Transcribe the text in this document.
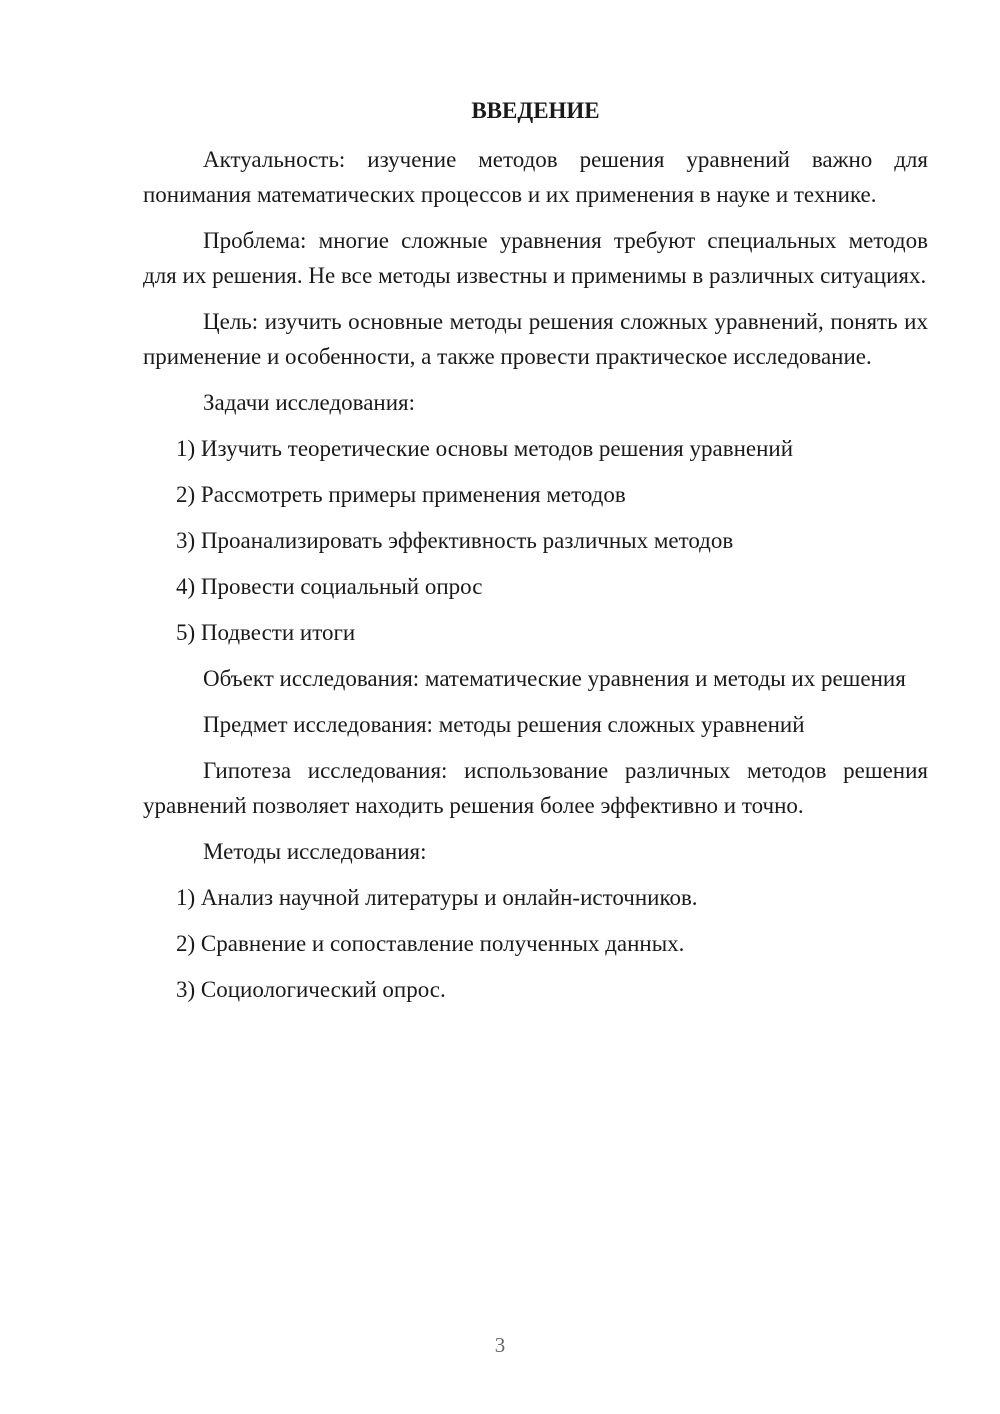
ВВЕДЕНИЕ

Актуальность: изучение методов решения уравнений важно для понимания математических процессов и их применения в науке и технике.

Проблема: многие сложные уравнения требуют специальных методов для их решения. Не все методы известны и применимы в различных ситуациях.

Цель: изучить основные методы решения сложных уравнений, понять их применение и особенности, а также провести практическое исследование.

Задачи исследования:

1) Изучить теоретические основы методов решения уравнений
2) Рассмотреть примеры применения методов
3) Проанализировать эффективность различных методов
4) Провести социальный опрос
5) Подвести итоги

Объект исследования: математические уравнения и методы их решения

Предмет исследования: методы решения сложных уравнений

Гипотеза исследования: использование различных методов решения уравнений позволяет находить решения более эффективно и точно.

Методы исследования:

1) Анализ научной литературы и онлайн-источников.
2) Сравнение и сопоставление полученных данных.
3) Социологический опрос.
3
